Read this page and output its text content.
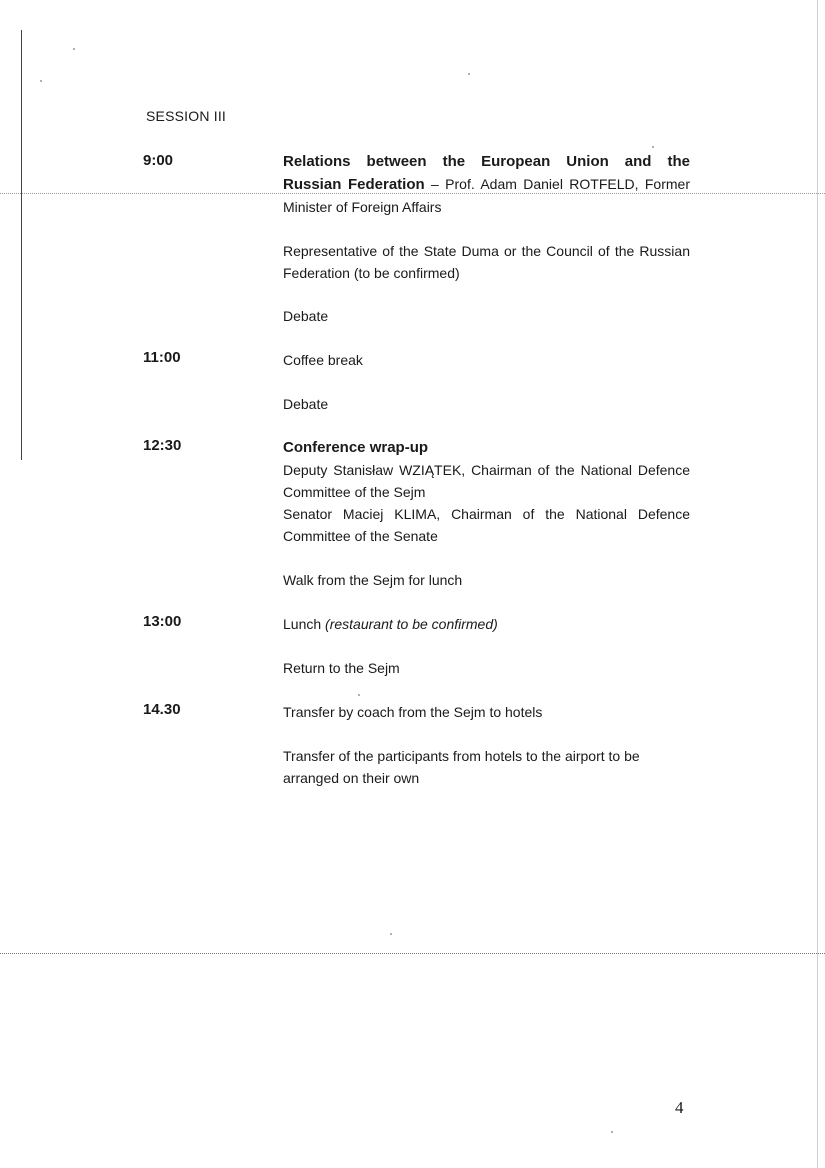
SESSION III
9:00	Relations between the European Union and the
Russian Federation – Prof. Adam Daniel ROTFELD, Former
Minister of Foreign Affairs
Representative of the State Duma or the Council of the Russian Federation (to be confirmed)
Debate
11:00	Coffee break
Debate
12:30	Conference wrap-up
Deputy Stanisław WZIĄTEK, Chairman of the National Defence Committee of the Sejm
Senator Maciej KLIMA, Chairman of the National Defence Committee of the Senate
Walk from the Sejm for lunch
13:00	Lunch (restaurant to be confirmed)
Return to the Sejm
14.30	Transfer by coach from the Sejm to hotels
Transfer of the participants from hotels to the airport to be arranged on their own
4
